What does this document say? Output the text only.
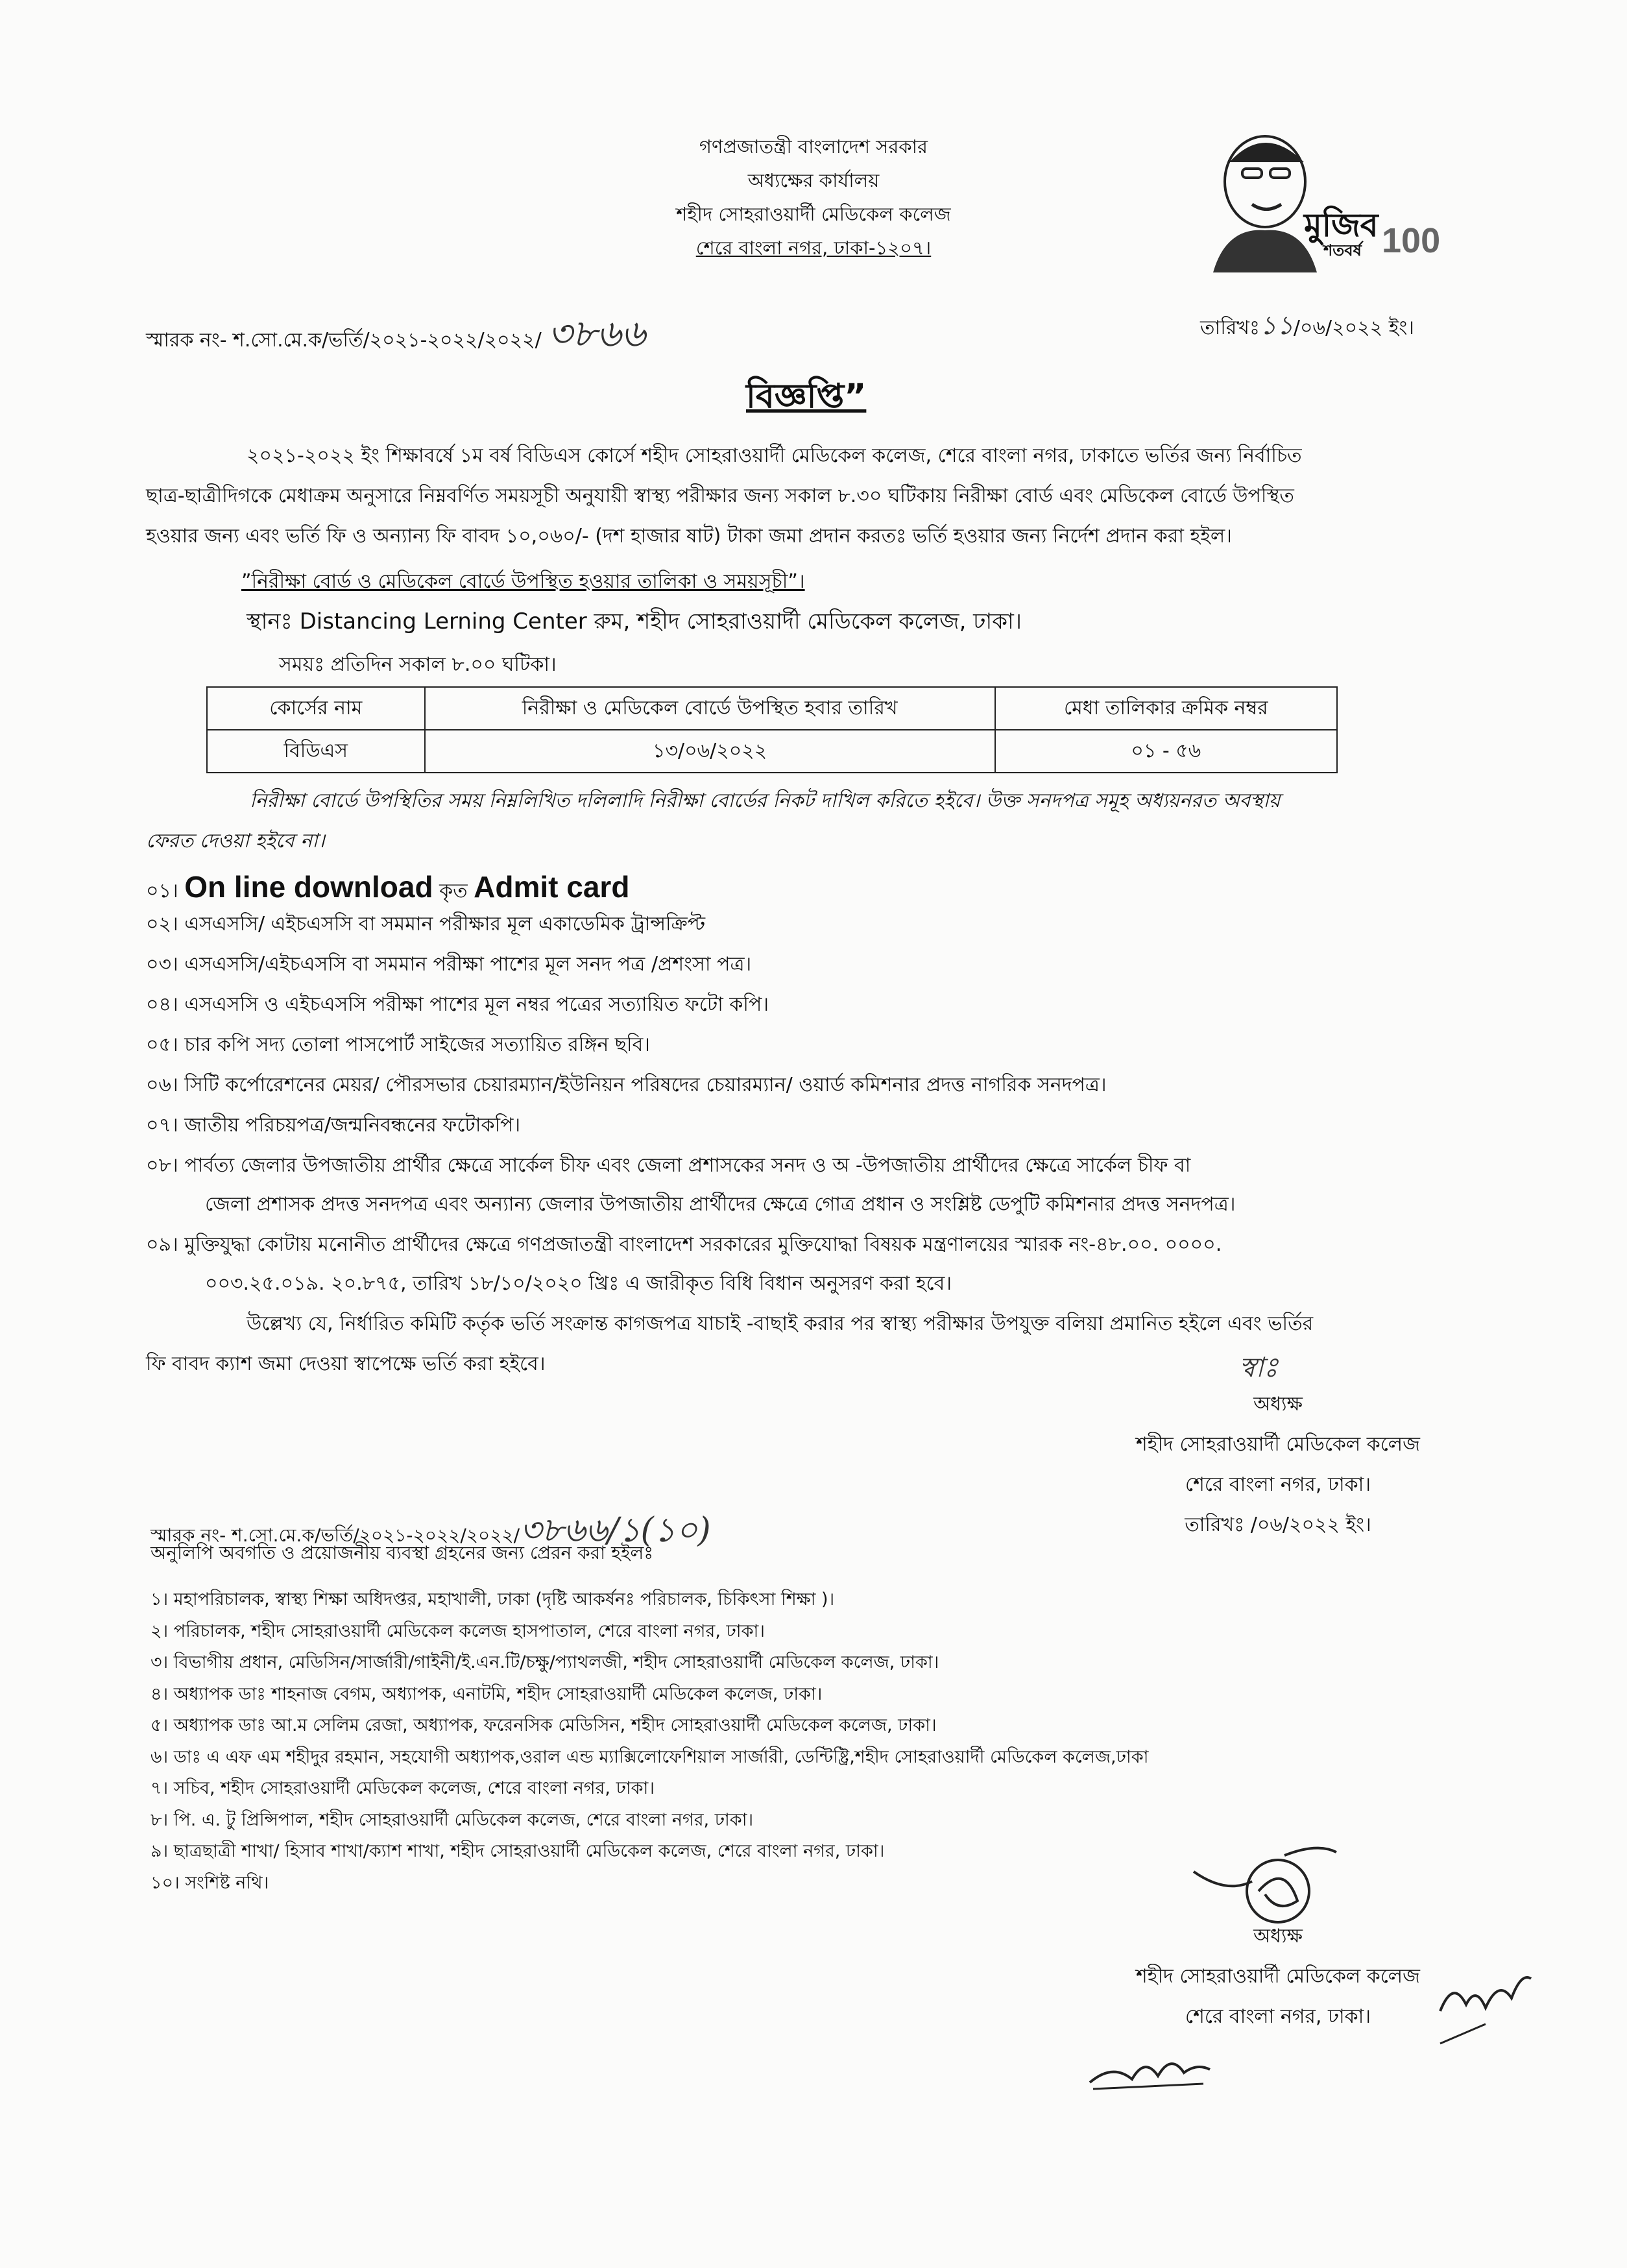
গণপ্রজাতন্ত্রী বাংলাদেশ সরকার
অধ্যক্ষের কার্যালয়
শহীদ সোহরাওয়ার্দী মেডিকেল কলেজ
শেরে বাংলা নগর, ঢাকা-১২০৭।
মুজিব
শতবর্ষ 100
স্মারক নং- শ.সো.মে.ক/ভর্তি/২০২১-২০২২/২০২২/ ৩৮৬৬	তারিখঃ১১/০৬/২০২২ ইং।
বিজ্ঞপ্তি”
২০২১-২০২২ ইং শিক্ষাবর্ষে ১ম বর্ষ বিডিএস কোর্সে শহীদ সোহরাওয়ার্দী মেডিকেল কলেজ, শেরে বাংলা নগর, ঢাকাতে ভর্তির জন্য নির্বাচিত
ছাত্র-ছাত্রীদিগকে মেধাক্রম অনুসারে নিম্নবর্ণিত সময়সূচী অনুযায়ী স্বাস্থ্য পরীক্ষার জন্য সকাল ৮.৩০ ঘটিকায় নিরীক্ষা বোর্ড এবং মেডিকেল বোর্ডে উপস্থিত
হওয়ার জন্য এবং ভর্তি ফি ও অন্যান্য ফি বাবদ ১০,০৬০/- (দশ হাজার ষাট) টাকা জমা প্রদান করতঃ ভর্তি হওয়ার জন্য নির্দেশ প্রদান করা হইল।
”নিরীক্ষা বোর্ড ও মেডিকেল বোর্ডে উপস্থিত হওয়ার তালিকা ও সময়সূচী”।
স্থানঃ Distancing Lerning Center রুম, শহীদ সোহরাওয়ার্দী মেডিকেল কলেজ, ঢাকা।
সময়ঃ প্রতিদিন সকাল ৮.০০ ঘটিকা।
কোর্সের নাম	নিরীক্ষা ও মেডিকেল বোর্ডে উপস্থিত হবার তারিখ	মেধা তালিকার ক্রমিক নম্বর
বিডিএস	১৩/০৬/২০২২	০১ - ৫৬
নিরীক্ষা বোর্ডে উপস্থিতির সময় নিম্নলিখিত দলিলাদি নিরীক্ষা বোর্ডের নিকট দাখিল করিতে হইবে। উক্ত সনদপত্র সমূহ অধ্যয়নরত অবস্থায়
ফেরত দেওয়া হইবে না।
০১। On line download কৃত Admit card
০২। এসএসসি/ এইচএসসি বা সমমান পরীক্ষার মূল একাডেমিক ট্রান্সক্রিপ্ট
০৩। এসএসসি/এইচএসসি বা সমমান পরীক্ষা পাশের মূল সনদ পত্র /প্রশংসা পত্র।
০৪। এসএসসি ও এইচএসসি পরীক্ষা পাশের মূল নম্বর পত্রের সত্যায়িত ফটো কপি।
০৫। চার কপি সদ্য তোলা পাসপোর্ট সাইজের সত্যায়িত রঙ্গিন ছবি।
০৬। সিটি কর্পোরেশনের মেয়র/ পৌরসভার চেয়ারম্যান/ইউনিয়ন পরিষদের চেয়ারম্যান/ ওয়ার্ড কমিশনার প্রদত্ত নাগরিক সনদপত্র।
০৭। জাতীয় পরিচয়পত্র/জন্মনিবন্ধনের ফটোকপি।
০৮। পার্বত্য জেলার উপজাতীয় প্রার্থীর ক্ষেত্রে সার্কেল চীফ এবং জেলা প্রশাসকের সনদ ও অ -উপজাতীয় প্রার্থীদের ক্ষেত্রে সার্কেল চীফ বা
জেলা প্রশাসক প্রদত্ত সনদপত্র এবং অন্যান্য জেলার উপজাতীয় প্রার্থীদের ক্ষেত্রে গোত্র প্রধান ও সংশ্লিষ্ট ডেপুটি কমিশনার প্রদত্ত সনদপত্র।
০৯। মুক্তিযুদ্ধা কোটায় মনোনীত প্রার্থীদের ক্ষেত্রে গণপ্রজাতন্ত্রী বাংলাদেশ সরকারের মুক্তিযোদ্ধা বিষয়ক মন্ত্রণালয়ের স্মারক নং-৪৮.০০. ০০০০.
০০৩.২৫.০১৯. ২০.৮৭৫, তারিখ ১৮/১০/২০২০ খ্রিঃ এ জারীকৃত বিধি বিধান অনুসরণ করা হবে।
উল্লেখ্য যে, নির্ধারিত কমিটি কর্তৃক ভর্তি সংক্রান্ত কাগজপত্র যাচাই -বাছাই করার পর স্বাস্থ্য পরীক্ষার উপযুক্ত বলিয়া প্রমানিত হইলে এবং ভর্তির
ফি বাবদ ক্যাশ জমা দেওয়া স্বাপেক্ষে ভর্তি করা হইবে।	স্বাঃ
অধ্যক্ষ
শহীদ সোহরাওয়ার্দী মেডিকেল কলেজ
শেরে বাংলা নগর, ঢাকা।
তারিখঃ /০৬/২০২২ ইং।
স্মারক নং- শ.সো.মে.ক/ভর্তি/২০২১-২০২২/২০২২/৩৮৬৬/১(১০)
অনুলিপি অবগতি ও প্রয়োজনীয় ব্যবস্থা গ্রহনের জন্য প্রেরন করা হইলঃ
১। মহাপরিচালক, স্বাস্থ্য শিক্ষা অধিদপ্তর, মহাখালী, ঢাকা (দৃষ্টি আকর্ষনঃ পরিচালক, চিকিৎসা শিক্ষা )।
২। পরিচালক, শহীদ সোহরাওয়ার্দী মেডিকেল কলেজ হাসপাতাল, শেরে বাংলা নগর, ঢাকা।
৩। বিভাগীয় প্রধান, মেডিসিন/সার্জারী/গাইনী/ই.এন.টি/চক্ষু/প্যাথলজী, শহীদ সোহরাওয়ার্দী মেডিকেল কলেজ, ঢাকা।
৪। অধ্যাপক ডাঃ শাহনাজ বেগম, অধ্যাপক, এনাটমি, শহীদ সোহরাওয়ার্দী মেডিকেল কলেজ, ঢাকা।
৫। অধ্যাপক ডাঃ আ.ম সেলিম রেজা, অধ্যাপক, ফরেনসিক মেডিসিন, শহীদ সোহরাওয়ার্দী মেডিকেল কলেজ, ঢাকা।
৬। ডাঃ এ এফ এম শহীদুর রহমান, সহযোগী অধ্যাপক,ওরাল এন্ড ম্যাক্সিলোফেশিয়াল সার্জারী, ডেন্টিষ্ট্রি,শহীদ সোহরাওয়ার্দী মেডিকেল কলেজ,ঢাকা
৭। সচিব, শহীদ সোহরাওয়ার্দী মেডিকেল কলেজ, শেরে বাংলা নগর, ঢাকা।
৮। পি. এ. টু প্রিন্সিপাল, শহীদ সোহরাওয়ার্দী মেডিকেল কলেজ, শেরে বাংলা নগর, ঢাকা।
৯। ছাত্রছাত্রী শাখা/ হিসাব শাখা/ক্যাশ শাখা, শহীদ সোহরাওয়ার্দী মেডিকেল কলেজ, শেরে বাংলা নগর, ঢাকা।
১০। সংশিষ্ট নথি।
অধ্যক্ষ
শহীদ সোহরাওয়ার্দী মেডিকেল কলেজ
শেরে বাংলা নগর, ঢাকা।
